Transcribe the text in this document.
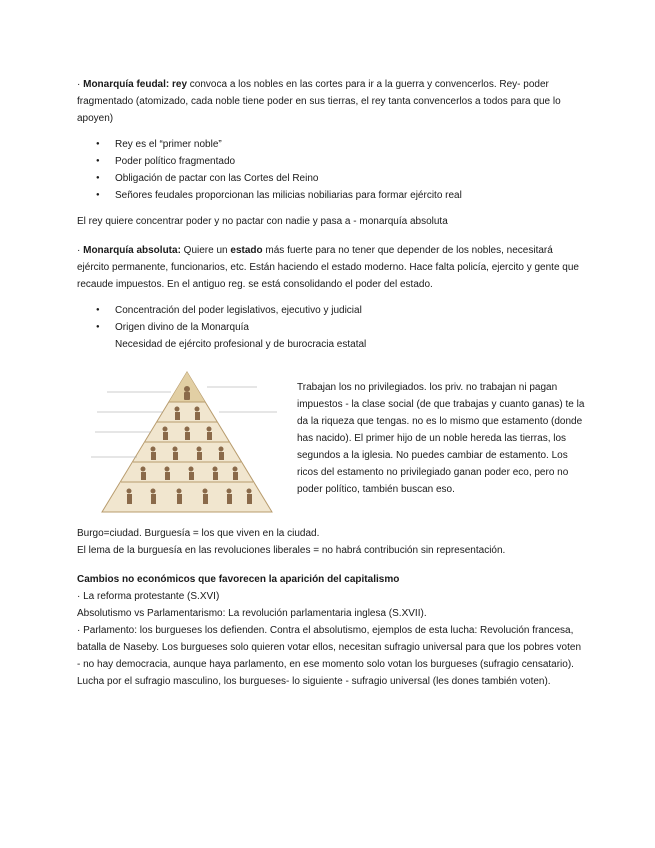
· Monarquía feudal: rey convoca a los nobles en las cortes para ir a la guerra y convencerlos. Rey- poder fragmentado (atomizado, cada noble tiene poder en sus tierras, el rey tanta convencerlos a todos para que lo apoyen)

● Rey es el “primer noble”
● Poder político fragmentado
● Obligación de pactar con las Cortes del Reino
● Señores feudales proporcionan las milicias nobiliarias para formar ejército real

El rey quiere concentrar poder y no pactar con nadie y pasa a - monarquía absoluta

· Monarquía absoluta: Quiere un estado más fuerte para no tener que depender de los nobles, necesitará ejército permanente, funcionarios, etc. Están haciendo el estado moderno. Hace falta policía, ejercito y gente que recaude impuestos. En el antiguo reg. se está consolidando el poder del estado.

● Concentración del poder legislativos, ejecutivo y judicial
● Origen divino de la Monarquía

Necesidad de ejército profesional y de burocracia estatal

Trabajan los no privilegiados. los priv. no trabajan ni pagan impuestos - la clase social (de que trabajas y cuanto ganas) te la da la riqueza que tengas. no es lo mismo que estamento (donde has nacido). El primer hijo de un noble hereda las tierras, los segundos a la iglesia. No puedes cambiar de estamento. Los ricos del estamento no privilegiado ganan poder eco, pero no poder político, también buscan eso.

Burgo=ciudad. Burguesía = los que viven en la ciudad.

El lema de la burguesía en las revoluciones liberales = no habrá contribución sin representación.

Cambios no económicos que favorecen la aparición del capitalismo

· La reforma protestante (S.XVI)

Absolutismo vs Parlamentarismo: La revolución parlamentaria inglesa (S.XVII).

· Parlamento: los burgueses los defienden. Contra el absolutismo, ejemplos de esta lucha: Revolución francesa, batalla de Naseby. Los burgueses solo quieren votar ellos, necesitan sufragio universal para que los pobres voten - no hay democracia, aunque haya parlamento, en ese momento solo votan los burgueses (sufragio censatario). Lucha por el sufragio masculino, los burgueses- lo siguiente - sufragio universal (les dones también voten).
